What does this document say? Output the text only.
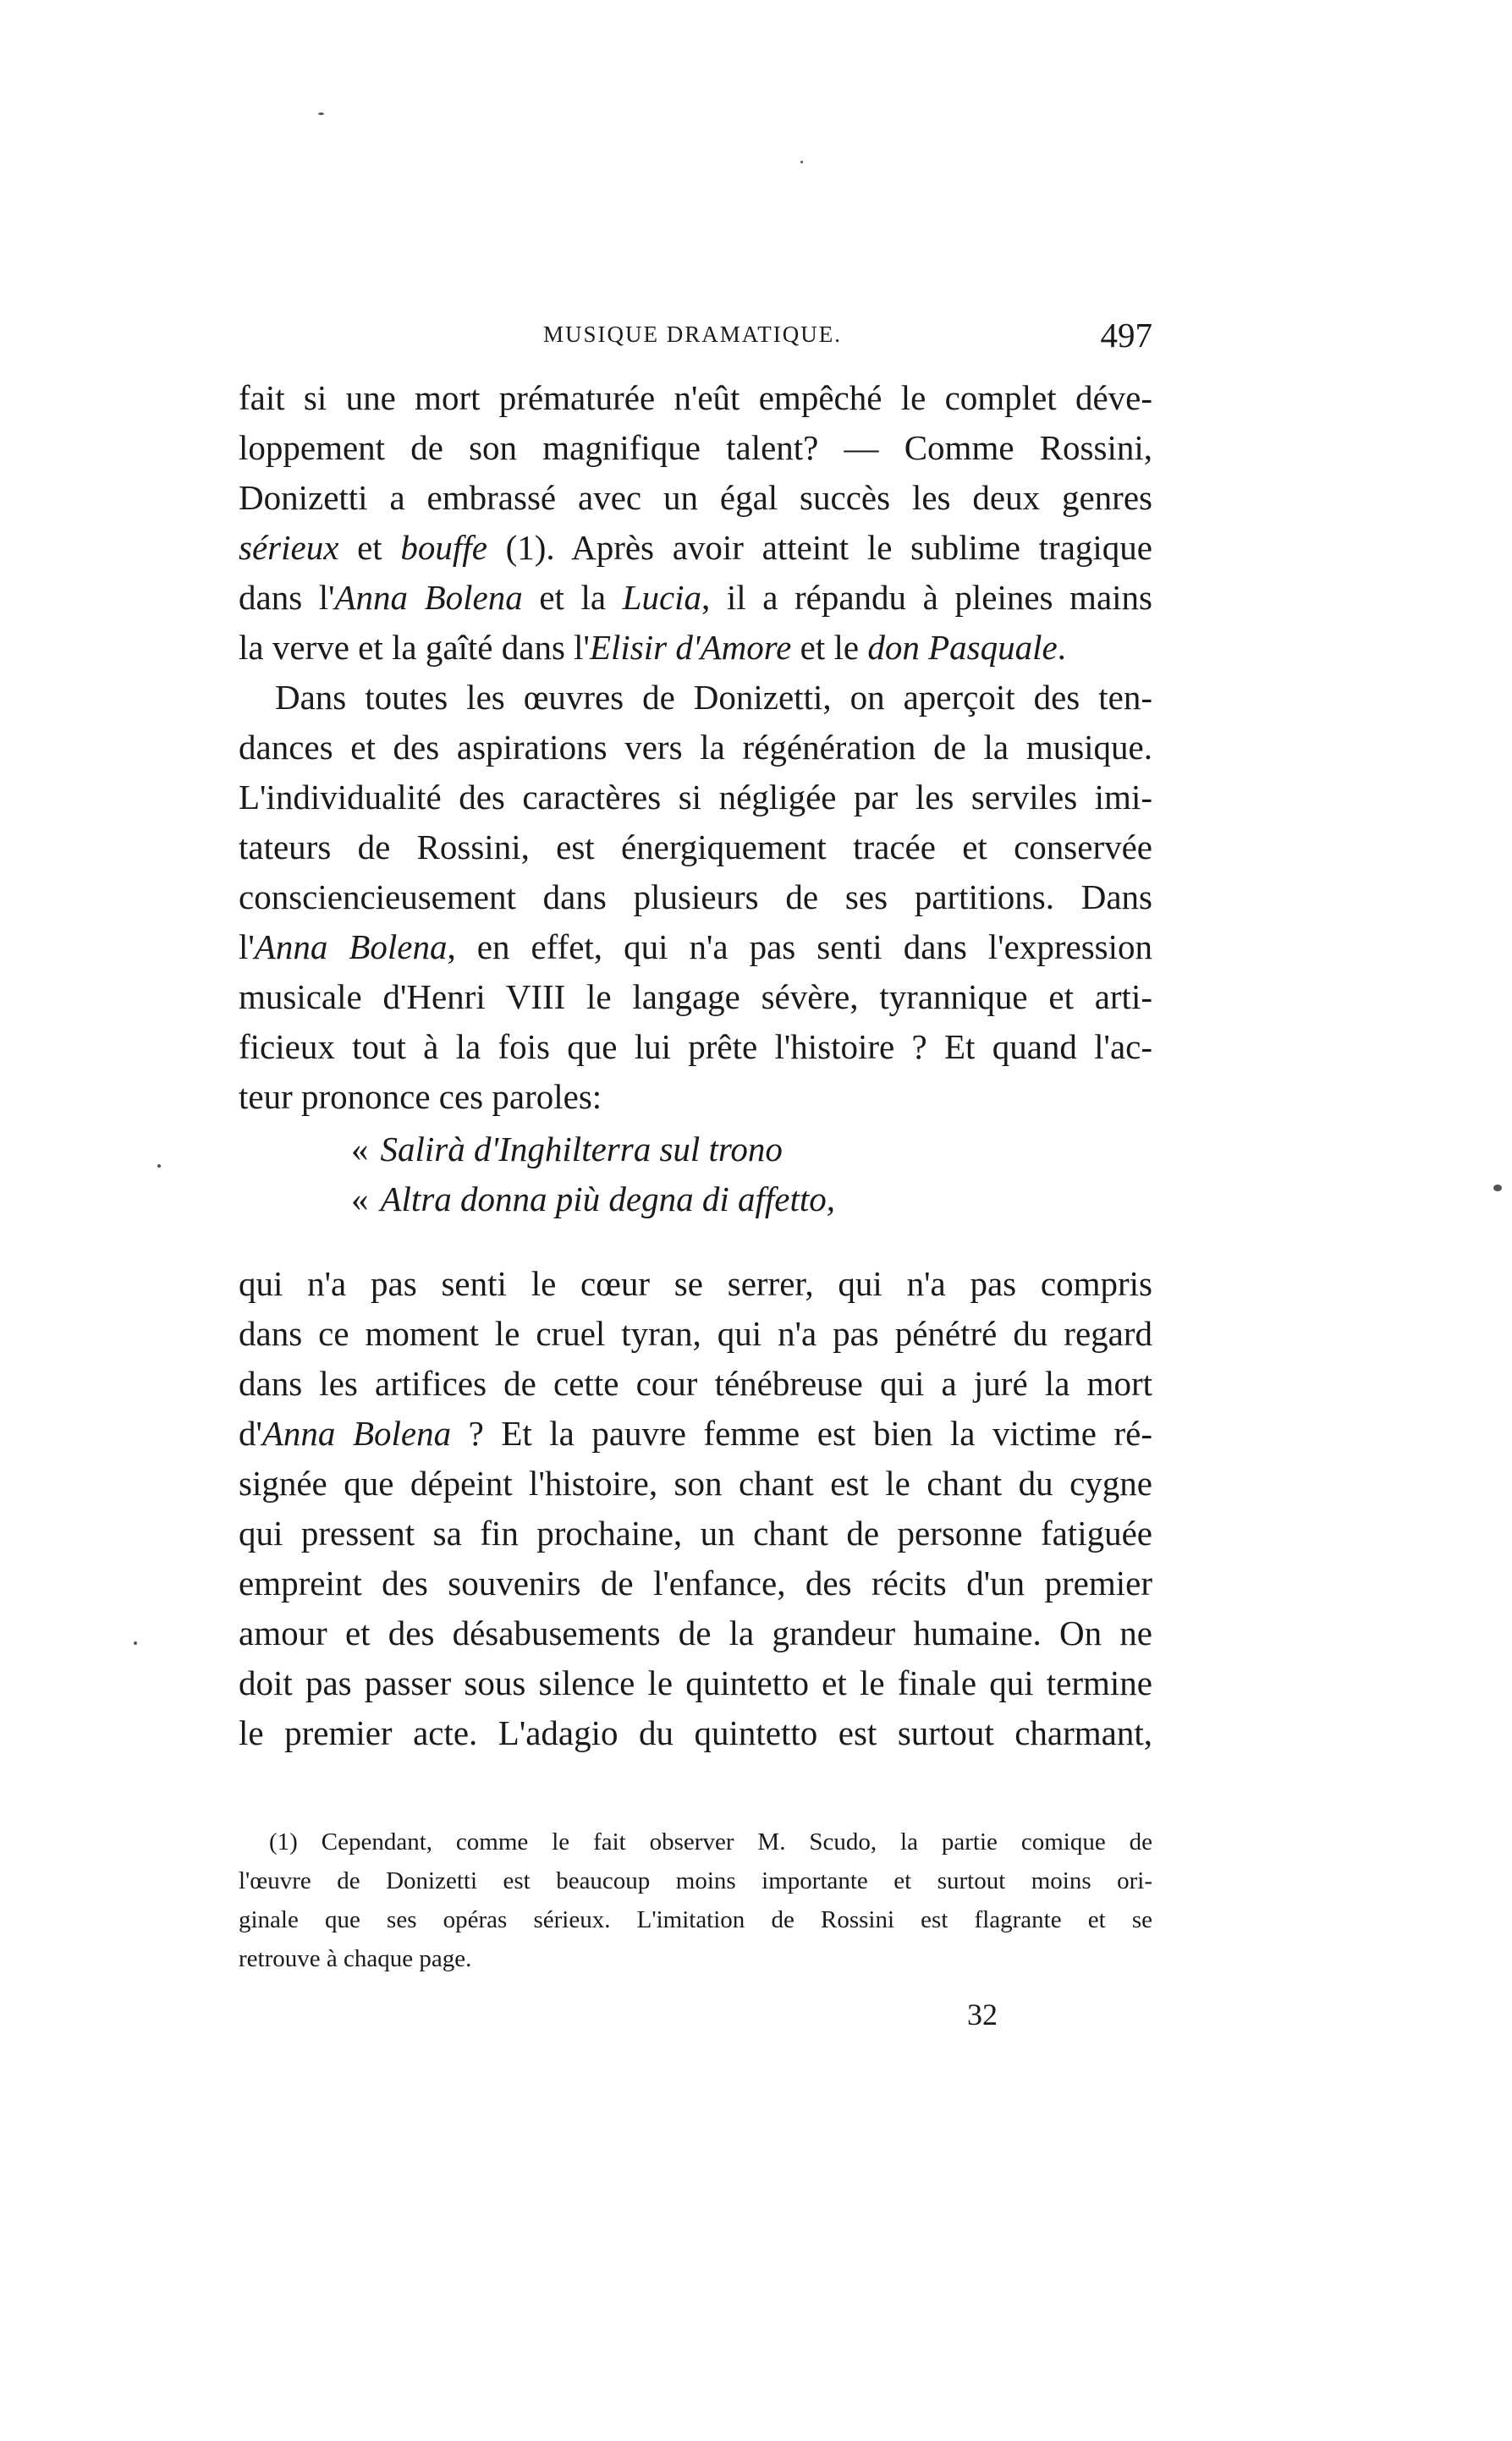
MUSIQUE DRAMATIQUE.	497
fait si une mort prématurée n'eût empêché le complet déve-
loppement de son magnifique talent? — Comme Rossini,
Donizetti a embrassé avec un égal succès les deux genres
sérieux et bouffe (1). Après avoir atteint le sublime tragique
dans l'Anna Bolena et la Lucia, il a répandu à pleines mains
la verve et la gaîté dans l'Elisir d'Amore et le don Pasquale.
Dans toutes les œuvres de Donizetti, on aperçoit des ten-
dances et des aspirations vers la régénération de la musique.
L'individualité des caractères si négligée par les serviles imi-
tateurs de Rossini, est énergiquement tracée et conservée
consciencieusement dans plusieurs de ses partitions. Dans
l'Anna Bolena, en effet, qui n'a pas senti dans l'expression
musicale d'Henri VIII le langage sévère, tyrannique et arti-
ficieux tout à la fois que lui prête l'histoire ? Et quand l'ac-
teur prononce ces paroles:
« Salirà d'Inghilterra sul trono
« Altra donna più degna di affetto,
qui n'a pas senti le cœur se serrer, qui n'a pas compris
dans ce moment le cruel tyran, qui n'a pas pénétré du regard
dans les artifices de cette cour ténébreuse qui a juré la mort
d'Anna Bolena ? Et la pauvre femme est bien la victime ré-
signée que dépeint l'histoire, son chant est le chant du cygne
qui pressent sa fin prochaine, un chant de personne fatiguée
empreint des souvenirs de l'enfance, des récits d'un premier
amour et des désabusements de la grandeur humaine. On ne
doit pas passer sous silence le quintetto et le finale qui termine
le premier acte. L'adagio du quintetto est surtout charmant,
(1) Cependant, comme le fait observer M. Scudo, la partie comique de
l'œuvre de Donizetti est beaucoup moins importante et surtout moins ori-
ginale que ses opéras sérieux. L'imitation de Rossini est flagrante et se
retrouve à chaque page.
32
